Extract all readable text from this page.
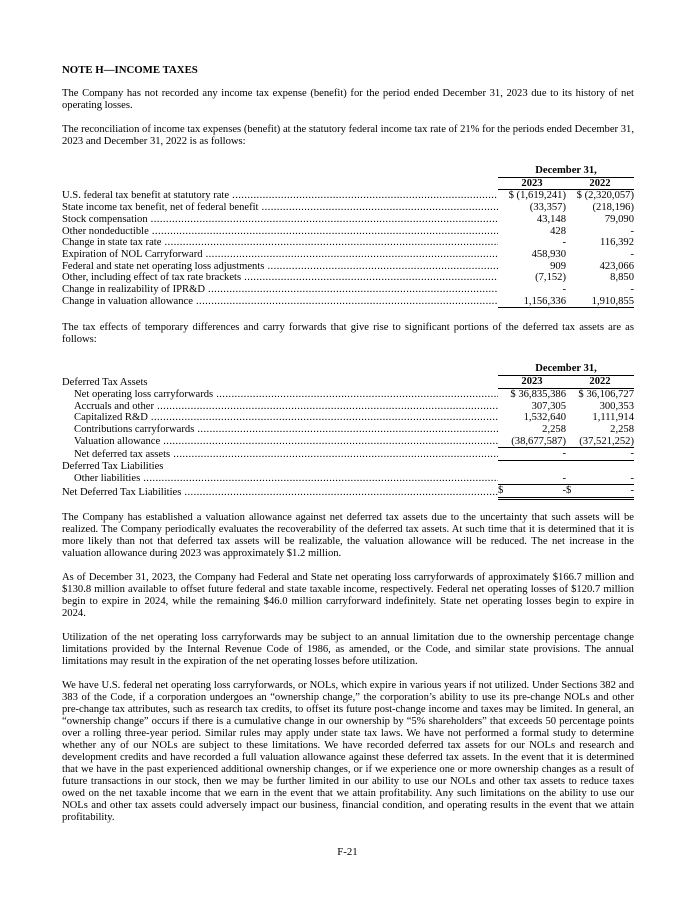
NOTE H—INCOME TAXES

The Company has not recorded any income tax expense (benefit) for the period ended December 31, 2023 due to its history of net operating losses.

The reconciliation of income tax expenses (benefit) at the statutory federal income tax rate of 21% for the periods ended December 31, 2023 and December 31, 2022 is as follows:

	December 31,	
	2023	2022
U.S. federal tax benefit at statutory rate .....	$ (1,619,241)	$ (2,320,057)
State income tax benefit, net of federal benefit .....	(33,357)	(218,196)
Stock compensation .....	43,148	79,090
Other nondeductible .....	428	-
Change in state tax rate .....	-	116,392
Expiration of NOL Carryforward .....	458,930	-
Federal and state net operating loss adjustments .....	909	423,066
Other, including effect of tax rate brackets .....	(7,152)	8,850
Change in realizability of IPR&D .....	-	-
Change in valuation allowance .....	1,156,336	1,910,855

The tax effects of temporary differences and carry forwards that give rise to significant portions of the deferred tax assets are as follows:

	December 31,	
Deferred Tax Assets	2023	2022
Net operating loss carryforwards .....	$ 36,835,386	$ 36,106,727
Accruals and other .....	307,305	300,353
Capitalized R&D .....	1,532,640	1,111,914
Contributions carryforwards .....	2,258	2,258
Valuation allowance .....	(38,677,587)	(37,521,252)
Net deferred tax assets .....	-	-
Deferred Tax Liabilities		
Other liabilities .....	-	-
Net Deferred Tax Liabilities .....	$ -	$ -

The Company has established a valuation allowance against net deferred tax assets due to the uncertainty that such assets will be realized. The Company periodically evaluates the recoverability of the deferred tax assets. At such time that it is determined that it is more likely than not that deferred tax assets will be realizable, the valuation allowance will be reduced. The net increase in the valuation allowance during 2023 was approximately $1.2 million.

As of December 31, 2023, the Company had Federal and State net operating loss carryforwards of approximately $166.7 million and $130.8 million available to offset future federal and state taxable income, respectively. Federal net operating losses of $120.7 million begin to expire in 2024, while the remaining $46.0 million carryforward indefinitely. State net operating losses begin to expire in 2024.

Utilization of the net operating loss carryforwards may be subject to an annual limitation due to the ownership percentage change limitations provided by the Internal Revenue Code of 1986, as amended, or the Code, and similar state provisions. The annual limitations may result in the expiration of the net operating losses before utilization.

We have U.S. federal net operating loss carryforwards, or NOLs, which expire in various years if not utilized. Under Sections 382 and 383 of the Code, if a corporation undergoes an “ownership change,” the corporation’s ability to use its pre-change NOLs and other pre-change tax attributes, such as research tax credits, to offset its future post-change income and taxes may be limited. In general, an “ownership change” occurs if there is a cumulative change in our ownership by “5% shareholders” that exceeds 50 percentage points over a rolling three-year period. Similar rules may apply under state tax laws. We have not performed a formal study to determine whether any of our NOLs are subject to these limitations. We have recorded deferred tax assets for our NOLs and research and development credits and have recorded a full valuation allowance against these deferred tax assets. In the event that it is determined that we have in the past experienced additional ownership changes, or if we experience one or more ownership changes as a result of future transactions in our stock, then we may be further limited in our ability to use our NOLs and other tax assets to reduce taxes owed on the net taxable income that we earn in the event that we attain profitability. Any such limitations on the ability to use our NOLs and other tax assets could adversely impact our business, financial condition, and operating results in the event that we attain profitability.

F-21
